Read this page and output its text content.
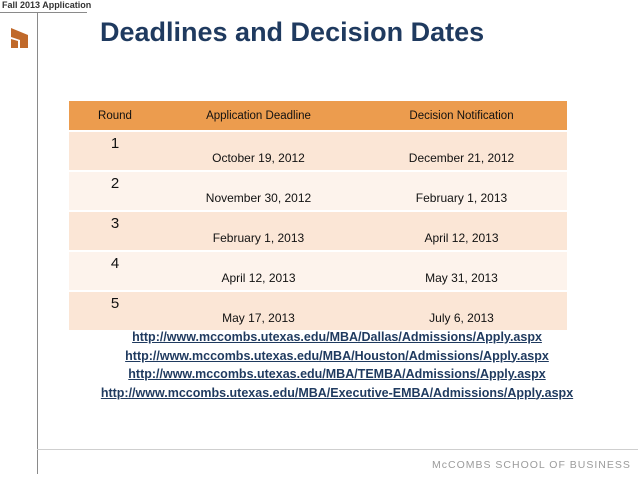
Fall 2013 Application
Deadlines and Decision Dates
Round	Application Deadline	Decision Notification
1	October 19, 2012	December 21, 2012
2	November 30, 2012	February 1, 2013
3	February 1, 2013	April 12, 2013
4	April 12, 2013	May 31, 2013
5	May 17, 2013	July 6, 2013
http://www.mccombs.utexas.edu/MBA/Dallas/Admissions/Apply.aspx
http://www.mccombs.utexas.edu/MBA/Houston/Admissions/Apply.aspx
http://www.mccombs.utexas.edu/MBA/TEMBA/Admissions/Apply.aspx
http://www.mccombs.utexas.edu/MBA/Executive-EMBA/Admissions/Apply.aspx
McCOMBS SCHOOL OF BUSINESS
